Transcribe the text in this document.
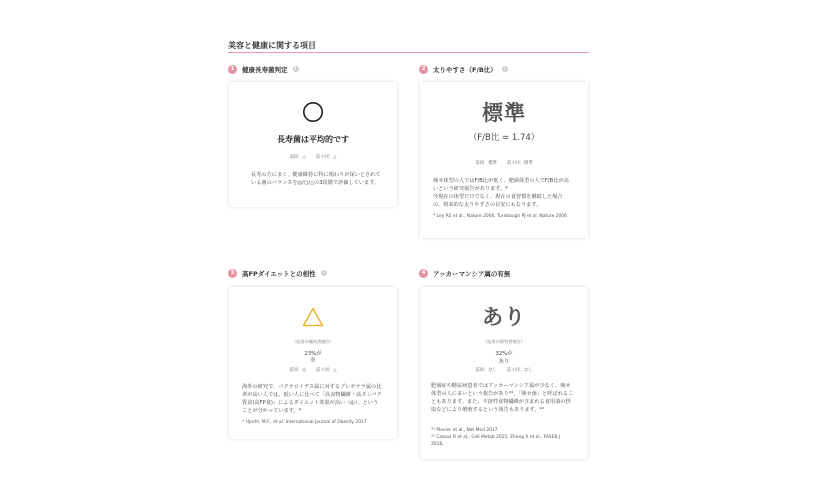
美容と健康に関する項目
1	健康長寿菌判定	i
長寿菌は平均的です
前回：△ 前々回：△
長寿の方に多く、健康維持に特に関わりが深いとされている菌のバランスを◎/○/△の3段階で評価しています。
2	太りやすさ（F/B比）	i
標準
（F/B比 = 1.74）
前回：標準 前々回：標準
痩せ体型の人ではF/B比が低く、肥満体型の人でF/B比が高いという研究報告があります。*
今現在の体型だけでなく、現在の食習慣を継続した場合の、将来的な太りやすさの目安にもなります。
* Ley RE et al., Nature 2006, Turnbaugh PJ et al. Nature 2006
3	高FPダイエットとの相性	i
（応答の傾向者割合）
23%が
◎
前回：◎ 前々回：△
海外の研究で、バクテロイデス属に対するプレボテラ属の比率が高い人では、低い人に比べて「高食物繊維・高タンパク質食(高FP食)」によるダイエット効果が高い（◎）、ということが分かっています。*
* Hjorth, M.F., et al. International Journal of Obesity 2017
4	アッカーマンシア属の有無
あり
（応答の保有者割合）
32%が
あり
前回：なし 前々回：なし
肥満症や糖尿病患者ではアッカーマンシア属が少なく、痩せ体型の人に多いという報告があり*¹、「痩せ菌」と呼ばれることもあります。また、不溶性食物繊維が含まれる食用油の摂取などにより増殖するという報告もあります。*²
*¹ Plovier et al., Nat Med 2017
*² Caesar R et al., Cell Metab 2015, Zheng X et al., FASEB J 2018,
